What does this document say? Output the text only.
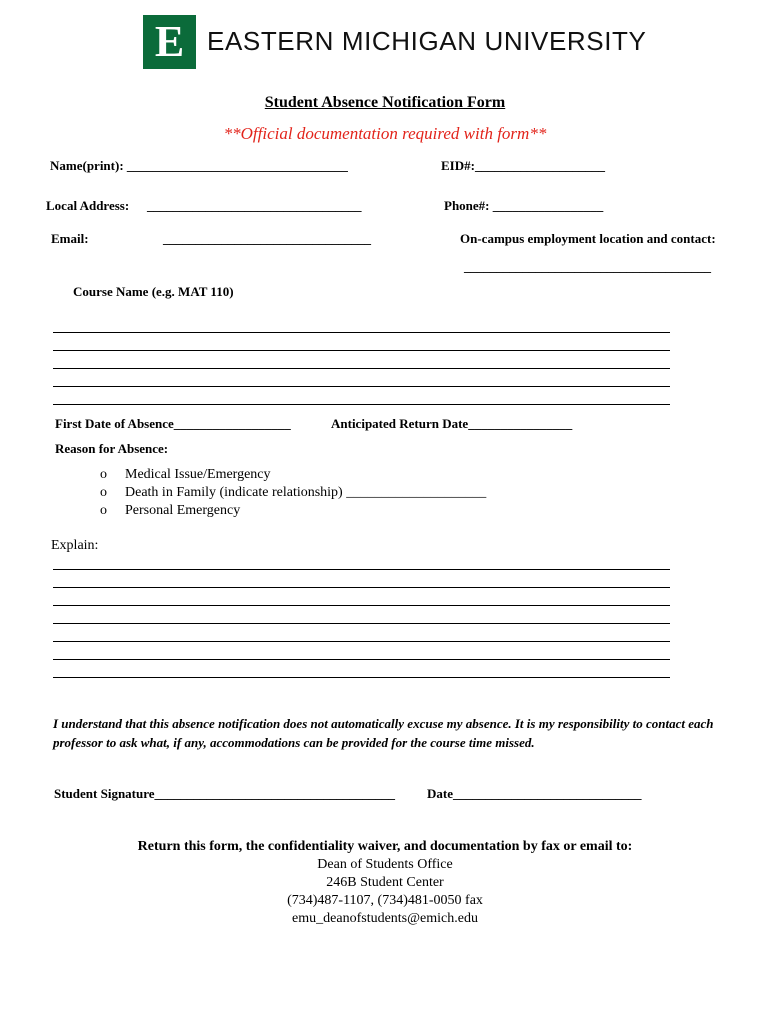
E EASTERN MICHIGAN UNIVERSITY
Student Absence Notification Form
**Official documentation required with form**
Name(print): __________________________________	EID#:____________________
Local Address: _________________________________	Phone#: _________________
Email:	________________________________	On-campus employment location and contact:
______________________________________
Course Name (e.g. MAT 110)
First Date of Absence__________________	Anticipated Return Date________________
Reason for Absence:
o Medical Issue/Emergency
o Death in Family (indicate relationship) ____________________
o Personal Emergency
Explain:
I understand that this absence notification does not automatically excuse my absence. It is my responsibility to contact each professor to ask what, if any, accommodations can be provided for the course time missed.
Student Signature_____________________________________ Date_____________________________
Return this form, the confidentiality waiver, and documentation by fax or email to:
Dean of Students Office
246B Student Center
(734)487-1107, (734)481-0050 fax
emu_deanofstudents@emich.edu
